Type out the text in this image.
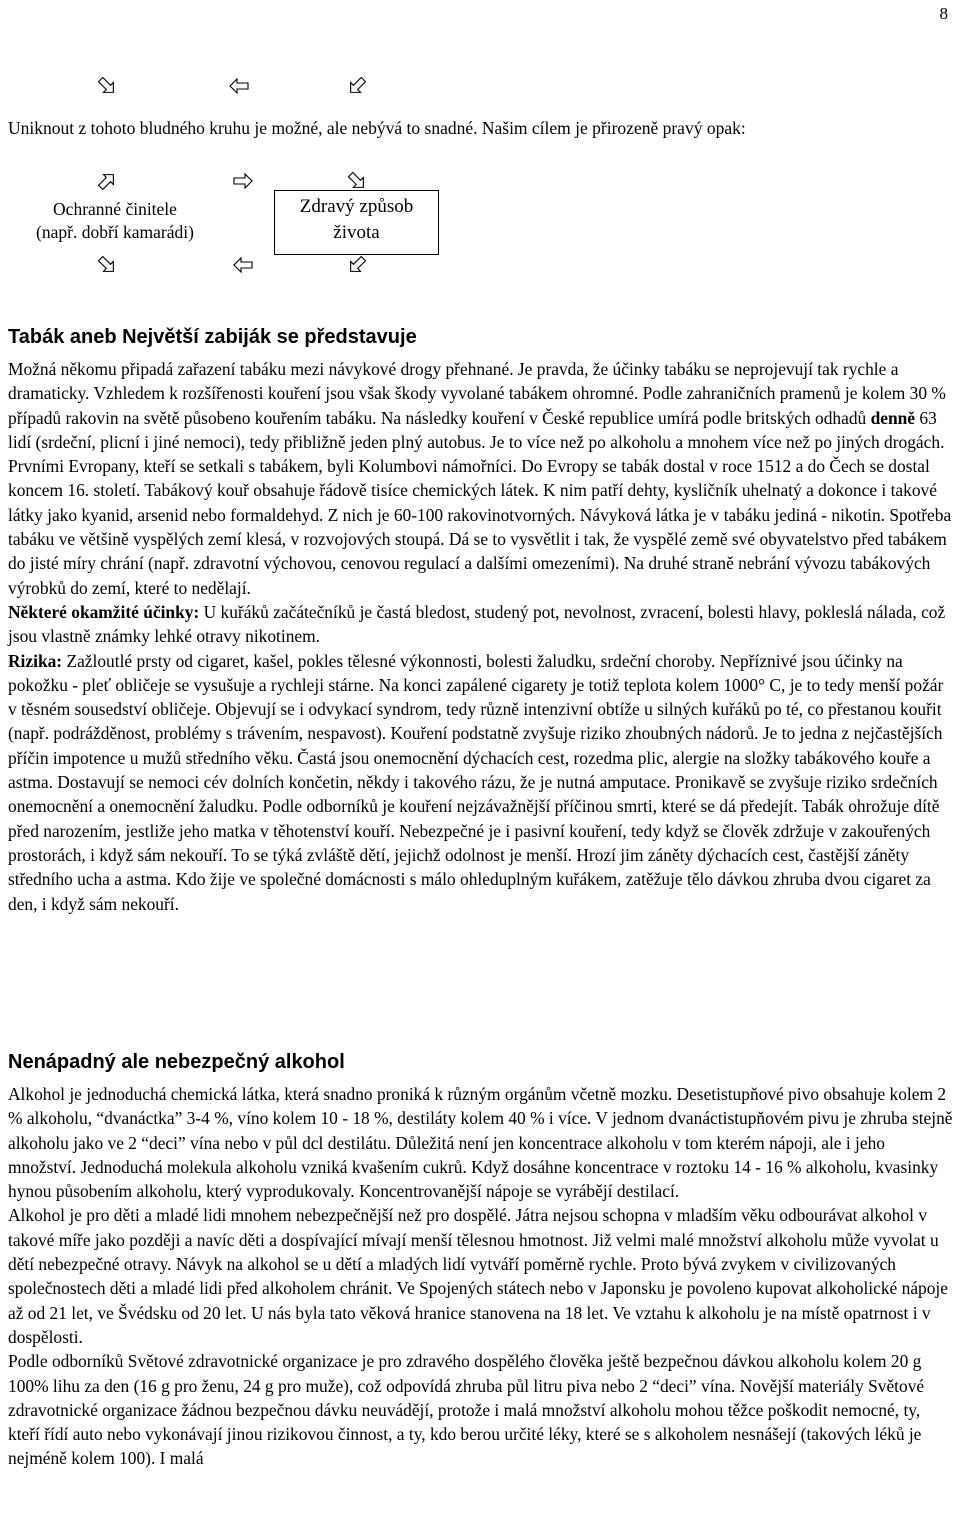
8
Uniknout z tohoto bludného kruhu je možné, ale nebývá to snadné. Našim cílem je přirozeně pravý opak:
Ochranné činitele
(např. dobří kamarádi)
Zdravý způsob
života
Tabák aneb Největší zabiják se představuje

Možná někomu připadá zařazení tabáku mezi návykové drogy přehnané. Je pravda, že účinky tabáku se neprojevují tak rychle a dramaticky. Vzhledem k rozšířenosti kouření jsou však škody vyvolané tabákem ohromné. Podle zahraničních pramenů je kolem 30 % případů rakovin na světě působeno kouřením tabáku. Na následky kouření v České republice umírá podle britských odhadů denně 63 lidí (srdeční, plicní i jiné nemoci), tedy přibližně jeden plný autobus. Je to více než po alkoholu a mnohem více než po jiných drogách.

Prvními Evropany, kteří se setkali s tabákem, byli Kolumbovi námořníci. Do Evropy se tabák dostal v roce 1512 a do Čech se dostal koncem 16. století. Tabákový kouř obsahuje řádově tisíce chemických látek. K nim patří dehty, kysličník uhelnatý a dokonce i takové látky jako kyanid, arsenid nebo formaldehyd. Z nich je 60-100 rakovinotvorných. Návyková látka je v tabáku jediná - nikotin. Spotřeba tabáku ve většině vyspělých zemí klesá, v rozvojových stoupá. Dá se to vysvětlit i tak, že vyspělé země své obyvatelstvo před tabákem do jisté míry chrání (např. zdravotní výchovou, cenovou regulací a dalšími omezeními). Na druhé straně nebrání vývozu tabákových výrobků do zemí, které to nedělají.

Některé okamžité účinky: U kuřáků začátečníků je častá bledost, studený pot, nevolnost, zvracení, bolesti hlavy, pokleslá nálada, což jsou vlastně známky lehké otravy nikotinem.

Rizika: Zažloutlé prsty od cigaret, kašel, pokles tělesné výkonnosti, bolesti žaludku, srdeční choroby. Nepříznivé jsou účinky na pokožku - pleť obličeje se vysušuje a rychleji stárne. Na konci zapálené cigarety je totiž teplota kolem 1000° C, je to tedy menší požár v těsném sousedství obličeje. Objevují se i odvykací syndrom, tedy různě intenzivní obtíže u silných kuřáků po té, co přestanou kouřit (např. podrážděnost, problémy s trávením, nespavost). Kouření podstatně zvyšuje riziko zhoubných nádorů. Je to jedna z nejčastějších příčin impotence u mužů středního věku. Častá jsou onemocnění dýchacích cest, rozedma plic, alergie na složky tabákového kouře a astma. Dostavují se nemoci cév dolních končetin, někdy i takového rázu, že je nutná amputace. Pronikavě se zvyšuje riziko srdečních onemocnění a onemocnění žaludku. Podle odborníků je kouření nejzávažnější příčinou smrti, které se dá předejít. Tabák ohrožuje dítě před narozením, jestliže jeho matka v těhotenství kouří. Nebezpečné je i pasivní kouření, tedy když se člověk zdržuje v zakouřených prostorách, i když sám nekouří. To se týká zvláště dětí, jejichž odolnost je menší. Hrozí jim záněty dýchacích cest, častější záněty středního ucha a astma. Kdo žije ve společné domácnosti s málo ohleduplným kuřákem, zatěžuje tělo dávkou zhruba dvou cigaret za den, i když sám nekouří.

Nenápadný ale nebezpečný alkohol

Alkohol je jednoduchá chemická látka, která snadno proniká k různým orgánům včetně mozku. Desetistupňové pivo obsahuje kolem 2 % alkoholu, “dvanáctka” 3-4 %, víno kolem 10 - 18 %, destiláty kolem 40 % i více. V jednom dvanáctistupňovém pivu je zhruba stejně alkoholu jako ve 2 “deci” vína nebo v půl dcl destilátu. Důležitá není jen koncentrace alkoholu v tom kterém nápoji, ale i jeho množství. Jednoduchá molekula alkoholu vzniká kvašením cukrů. Když dosáhne koncentrace v roztoku 14 - 16 % alkoholu, kvasinky hynou působením alkoholu, který vyprodukovaly. Koncentrovanější nápoje se vyrábějí destilací.

Alkohol je pro děti a mladé lidi mnohem nebezpečnější než pro dospělé. Játra nejsou schopna v mladším věku odbourávat alkohol v takové míře jako později a navíc děti a dospívající mívají menší tělesnou hmotnost. Již velmi malé množství alkoholu může vyvolat u dětí nebezpečné otravy. Návyk na alkohol se u dětí a mladých lidí vytváří poměrně rychle. Proto bývá zvykem v civilizovaných společnostech děti a mladé lidi před alkoholem chránit. Ve Spojených státech nebo v Japonsku je povoleno kupovat alkoholické nápoje až od 21 let, ve Švédsku od 20 let. U nás byla tato věková hranice stanovena na 18 let. Ve vztahu k alkoholu je na místě opatrnost i v dospělosti.

Podle odborníků Světové zdravotnické organizace je pro zdravého dospělého člověka ještě bezpečnou dávkou alkoholu kolem 20 g 100% lihu za den (16 g pro ženu, 24 g pro muže), což odpovídá zhruba půl litru piva nebo 2 “deci” vína. Novější materiály Světové zdravotnické organizace žádnou bezpečnou dávku neuvádějí, protože i malá množství alkoholu mohou těžce poškodit nemocné, ty, kteří řídí auto nebo vykonávají jinou rizikovou činnost, a ty, kdo berou určité léky, které se s alkoholem nesnášejí (takových léků je nejméně kolem 100). I malá
